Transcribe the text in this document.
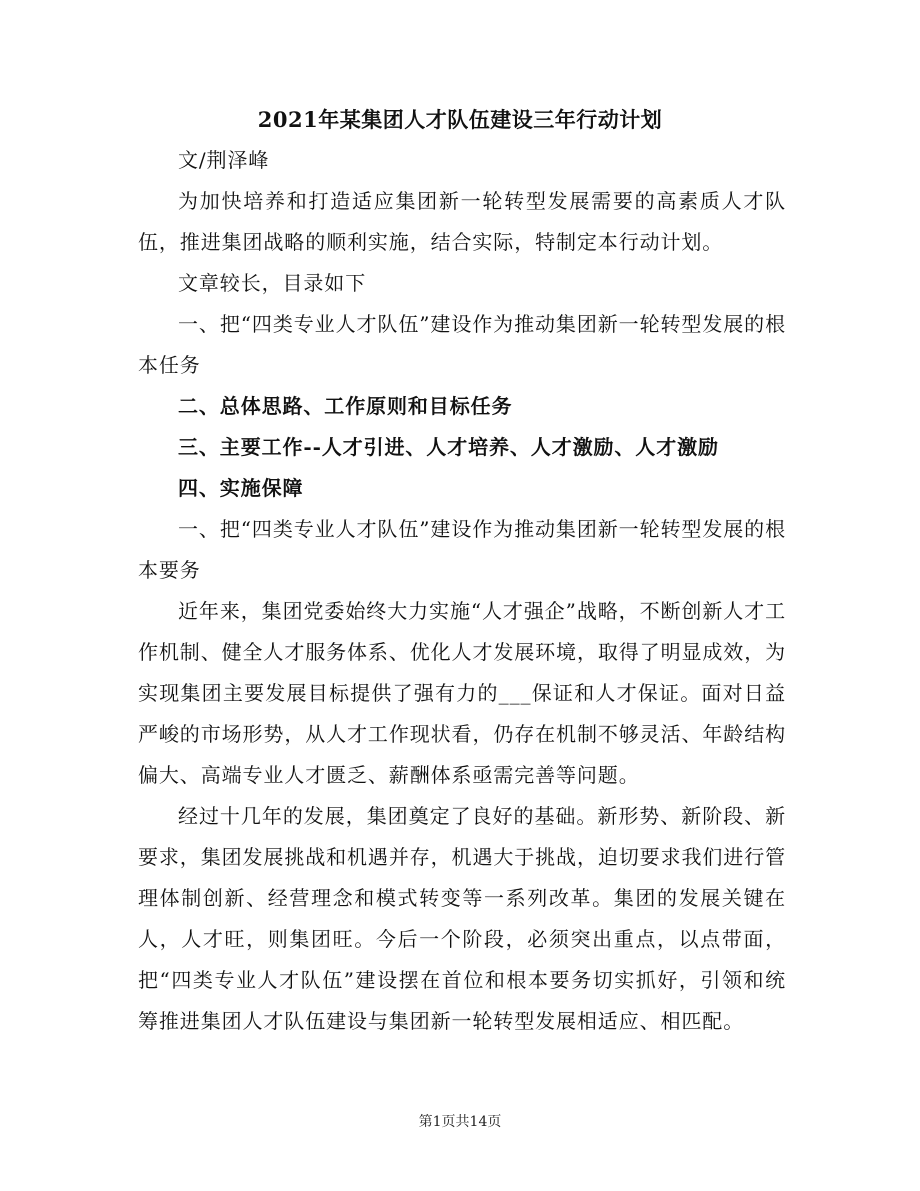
2021年某集团人才队伍建设三年行动计划

文/荆泽峰

为加快培养和打造适应集团新一轮转型发展需要的高素质人才队伍，推进集团战略的顺利实施，结合实际，特制定本行动计划。

文章较长，目录如下

一、把“四类专业人才队伍”建设作为推动集团新一轮转型发展的根本任务

二、总体思路、工作原则和目标任务

三、主要工作--人才引进、人才培养、人才激励、人才激励

四、实施保障

一、把“四类专业人才队伍”建设作为推动集团新一轮转型发展的根本要务

近年来，集团党委始终大力实施“人才强企”战略，不断创新人才工作机制、健全人才服务体系、优化人才发展环境，取得了明显成效，为实现集团主要发展目标提供了强有力的___保证和人才保证。面对日益严峻的市场形势，从人才工作现状看，仍存在机制不够灵活、年龄结构偏大、高端专业人才匮乏、薪酬体系亟需完善等问题。

经过十几年的发展，集团奠定了良好的基础。新形势、新阶段、新要求，集团发展挑战和机遇并存，机遇大于挑战，迫切要求我们进行管理体制创新、经营理念和模式转变等一系列改革。集团的发展关键在人，人才旺，则集团旺。今后一个阶段，必须突出重点，以点带面，把“四类专业人才队伍”建设摆在首位和根本要务切实抓好，引领和统筹推进集团人才队伍建设与集团新一轮转型发展相适应、相匹配。

第1页共14页
